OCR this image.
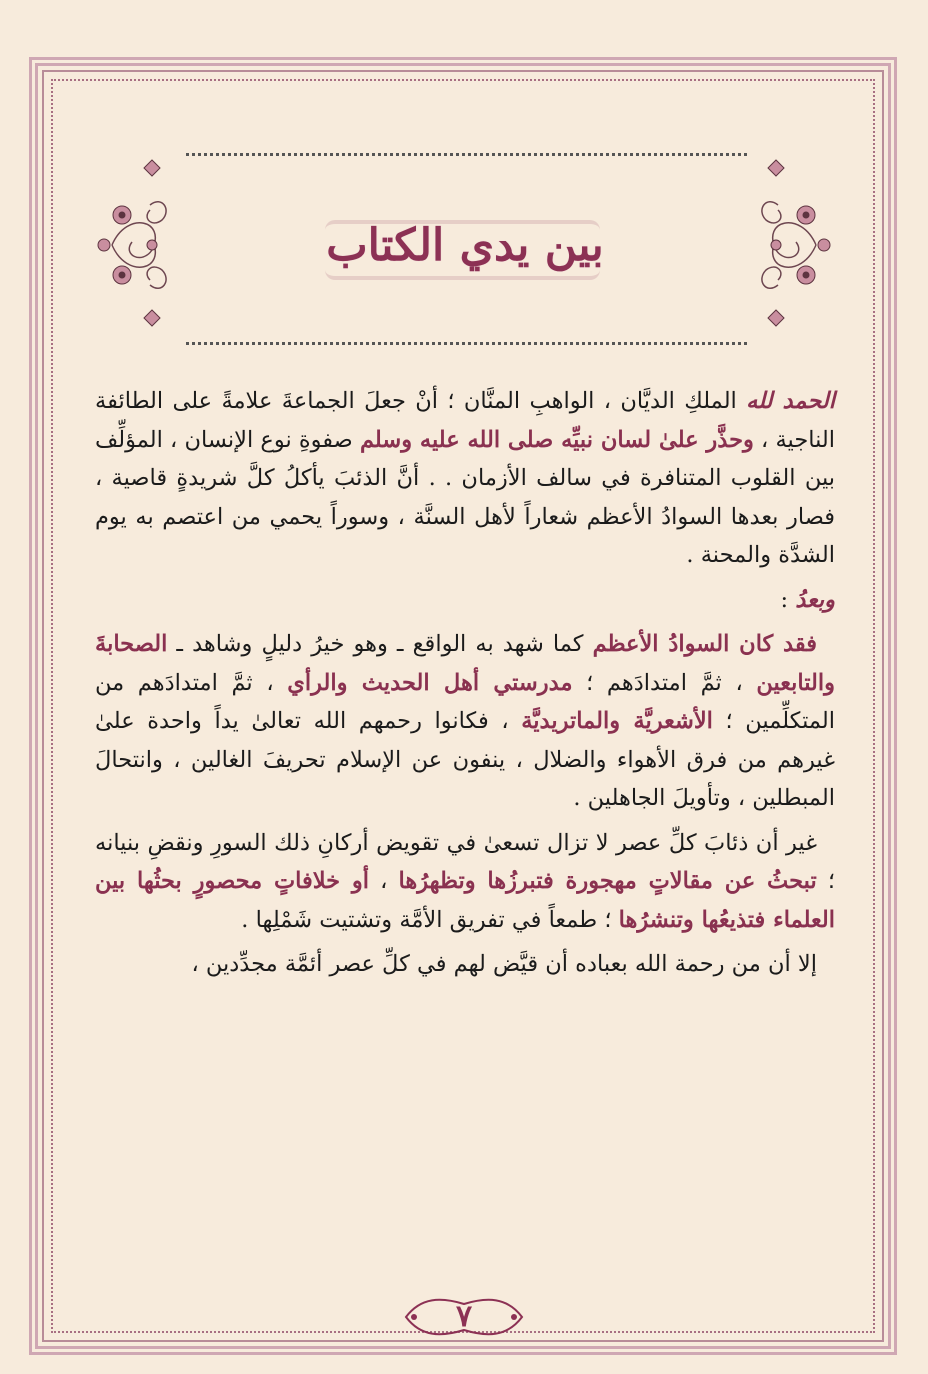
بين يدي الكتاب

الحمد لله الملكِ الديَّان ، الواهبِ المنَّان ؛ أنْ جعلَ الجماعةَ علامةً على الطائفة الناجية ، وحذَّر علىٰ لسان نبيِّه صلى الله عليه وسلم صفوةِ نوع الإنسان ، المؤلِّف بين القلوب المتنافرة في سالف الأزمان . . أنَّ الذئبَ يأكلُ كلَّ شريدةٍ قاصية ، فصار بعدها السوادُ الأعظم شعاراً لأهل السنَّة ، وسوراً يحمي من اعتصم به يوم الشدَّة والمحنة .

وبعدُ :

فقد كان السوادُ الأعظم كما شهد به الواقع ـ وهو خيرُ دليلٍ وشاهد ـ الصحابةَ والتابعين ، ثمَّ امتدادَهم ؛ مدرستي أهل الحديث والرأي ، ثمَّ امتدادَهم من المتكلِّمين ؛ الأشعريَّة والماتريديَّة ، فكانوا رحمهم الله تعالىٰ يداً واحدة علىٰ غيرهم من فرق الأهواء والضلال ، ينفون عن الإسلام تحريفَ الغالين ، وانتحالَ المبطلين ، وتأويلَ الجاهلين .

غير أن ذئابَ كلِّ عصر لا تزال تسعىٰ في تقويض أركانِ ذلك السورِ ونقضِ بنيانه ؛ تبحثُ عن مقالاتٍ مهجورة فتبرزُها وتظهرُها ، أو خلافاتٍ محصورٍ بحثُها بين العلماء فتذيعُها وتنشرُها ؛ طمعاً في تفريق الأمَّة وتشتيت شَمْلِها .

إلا أن من رحمة الله بعباده أن قيَّض لهم في كلِّ عصر أئمَّة مجدِّدين ،

٧
